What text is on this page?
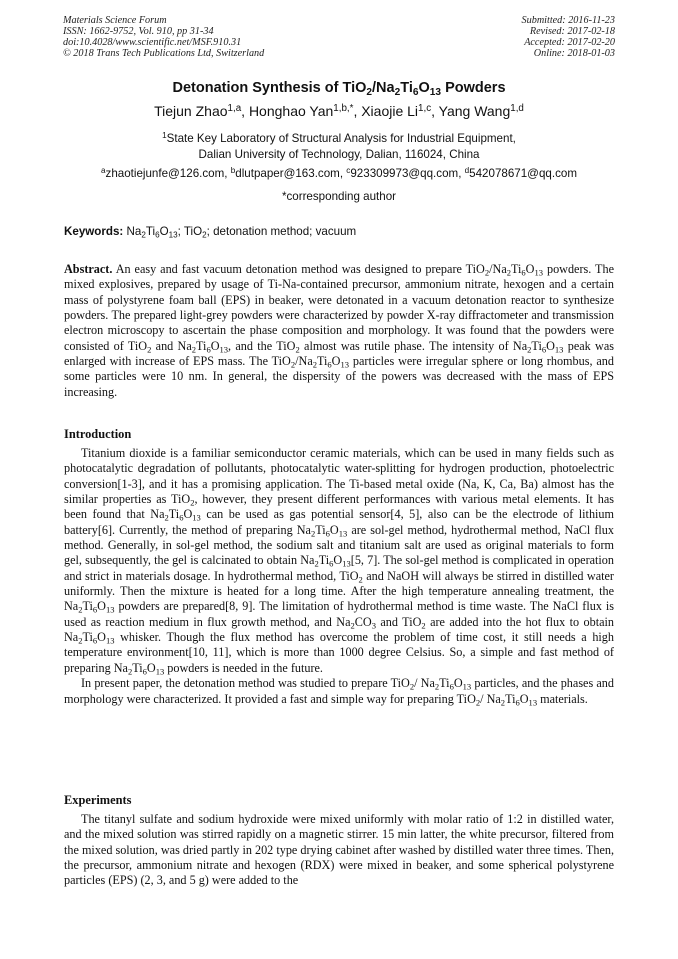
Materials Science Forum
ISSN: 1662-9752, Vol. 910, pp 31-34
doi:10.4028/www.scientific.net/MSF.910.31
© 2018 Trans Tech Publications Ltd, Switzerland
Submitted: 2016-11-23
Revised: 2017-02-18
Accepted: 2017-02-20
Online: 2018-01-03
Detonation Synthesis of $TiO_2/Na_2Ti_6O_{13}$ Powders
Tiejun Zhao$^{1,a}$, Honghao Yan$^{1,b,*}$, Xiaojie Li$^{1,c}$, Yang Wang$^{1,d}$
$^1$State Key Laboratory of Structural Analysis for Industrial Equipment,
Dalian University of Technology, Dalian, 116024, China
$^a$zhaotiejunfe@126.com, $^b$dlutpaper@163.com, $^c$923309973@qq.com, $^d$542078671@qq.com
*corresponding author
Keywords: $Na_2Ti_6O_{13}$; TiO$_2$; detonation method; vacuum

Abstract. An easy and fast vacuum detonation method was designed to prepare $TiO_2/Na_2Ti_6O_{13}$ powders. The mixed explosives, prepared by usage of Ti-Na-contained precursor, ammonium nitrate, hexogen and a certain mass of polystyrene foam ball (EPS) in beaker, were detonated in a vacuum detonation reactor to synthesize powders. The prepared light-grey powders were characterized by powder X-ray diffractometer and transmission electron microscopy to ascertain the phase composition and morphology. It was found that the powders were consisted of TiO$_2$ and $Na_2Ti_6O_{13}$, and the TiO$_2$ almost was rutile phase. The intensity of $Na_2Ti_6O_{13}$ peak was enlarged with increase of EPS mass. The $TiO_2/Na_2Ti_6O_{13}$ particles were irregular sphere or long rhombus, and some particles were 10 nm. In general, the dispersity of the powers was decreased with the mass of EPS increasing.

Introduction

Titanium dioxide is a familiar semiconductor ceramic materials, which can be used in many fields such as photocatalytic degradation of pollutants, photocatalytic water-splitting for hydrogen production, photoelectric conversion[1-3], and it has a promising application. The Ti-based metal oxide (Na, K, Ca, Ba) almost has the similar properties as TiO$_2$, however, they present different performances with various metal elements. It has been found that $Na_2Ti_6O_{13}$ can be used as gas potential sensor[4, 5], also can be the electrode of lithium battery[6]. Currently, the method of preparing $Na_2Ti_6O_{13}$ are sol-gel method, hydrothermal method, NaCl flux method. Generally, in sol-gel method, the sodium salt and titanium salt are used as original materials to form gel, subsequently, the gel is calcinated to obtain $Na_2Ti_6O_{13}[5$, 7]. The sol-gel method is complicated in operation and strict in materials dosage. In hydrothermal method, TiO$_2$ and NaOH will always be stirred in distilled water uniformly. Then the mixture is heated for a long time. After the high temperature annealing treatment, the $Na_2Ti_6O_{13}$ powders are prepared[8, 9]. The limitation of hydrothermal method is time waste. The NaCl flux is used as reaction medium in flux growth method, and $Na_2CO_3$ and TiO$_2$ are added into the hot flux to obtain $Na_2Ti_6O_{13}$ whisker. Though the flux method has overcome the problem of time cost, it still needs a high temperature environment[10, 11], which is more than 1000 degree Celsius. So, a simple and fast method of preparing $Na_2Ti_6O_{13}$ powders is needed in the future.

In present paper, the detonation method was studied to prepare TiO$_2$/ $Na_2Ti_6O_{13}$ particles, and the phases and morphology were characterized. It provided a fast and simple way for preparing TiO$_2$/ $Na_2Ti_6O_{13}$ materials.

Experiments

The titanyl sulfate and sodium hydroxide were mixed uniformly with molar ratio of 1:2 in distilled water, and the mixed solution was stirred rapidly on a magnetic stirrer. 15 min latter, the white precursor, filtered from the mixed solution, was dried partly in 202 type drying cabinet after washed by distilled water three times. Then, the precursor, ammonium nitrate and hexogen (RDX) were mixed in beaker, and some spherical polystyrene particles (EPS) (2, 3, and 5 g) were added to the
